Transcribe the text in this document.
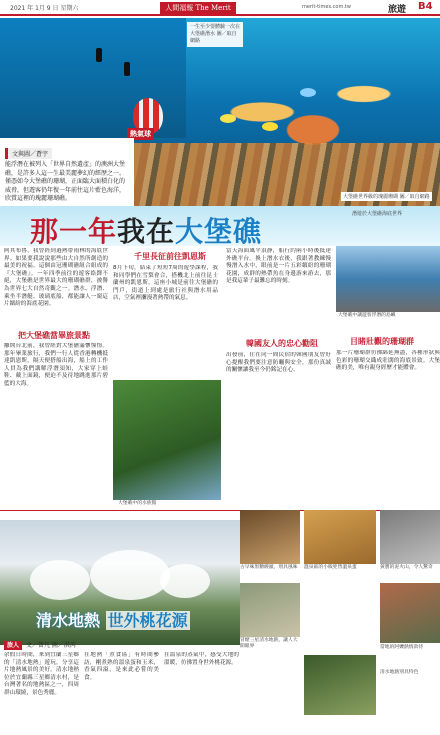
2021 年 1月 9 日 星期六	人間福報 The Merit	merit-times.com.tw	旅遊 B4
一生至少要體驗一次在大堡礁潛水 圖／取自網路
熱氣球
文與圖／蒼宇

能浮潛在被列入「世界自然遺產」的澳洲大堡礁，是許多人這一生最美麗夢幻的經歷之一。僅憑如今大堡礁的珊瑚，正面臨大面積白化的威脅，但遊客仍年復一年前往這片藍色海洋，欣賞這裡的瑰麗珊瑚礁。	大堡礁世界級的瑰麗珊瑚 圖／取自網路
那一年我在大堡礁
潛遊於大堡礁海底世界
阿其布魯，我曾經到過熱帶雨林的海底世界。如果要我說說那些由大自然所創造的最美的祝福，這個由冠珊瑚礁組合組成的『大堡礁』。一年四季前往的遊客絡繹不絕，大堡礁是世界最大的珊瑚礁群，被譽為世界七大自然奇觀之一。潛水、浮潛、乘坐半潛艇、玻璃底船，都能讓人一窺這片繽紛的海底花園。
把大堡礁當畢旅景點
離開台北前，我曾經對大堡礁滿懷憧憬。那年畢業旅行，我們一行人從香港轉機抵達凱恩斯，隔天便搭船出海，船上的工作人員為我們講解浮潛須知，大家穿上蛙鞋、戴上面鏡，便迫不及待地跳進那片碧藍的大海。
千里長征前往凱恩斯
8月下旬，結束了短短7周的遊學課程，我和同學們在雪梨會合，搭機北上前往昆士蘭州的凱恩斯。這座小城是前往大堡礁的門戶，街道上到處是旅行社與潛水用品店，空氣裡瀰漫著熱帶的氣息。
大堡礁中的水族館
當天海面風平浪靜，船行約兩小時後抵達外礁平台。換上潛水衣後，我跟著教練慢慢潛入水中，眼前是一片五彩繽紛的珊瑚花園，成群的熱帶魚在身邊游來游去，那是我這輩子最難忘的時刻。
韓國友人的忠心勸阻
出發前，住在同一間民宿的韓國朋友曾好心提醒我們要注意防曬與安全，那份真誠的關懷讓我至今仍銘記在心。
大堡礁中讓遊客浮潛的島嶼
目睹壯觀的珊瑚群
那一片珊瑚群彷彿綿延無盡，各種形狀與色彩的珊瑚交織成壯闊的海底景致。大堡礁的美，唯有親身經歷才能體會。
清水地熱 世外桃花源
旅人 文／曾凡 圖／洪芮
余假日時間，來到宜蘭三星鄉的「清水地熱」遊玩，分享這片地熱風景的美好。清水地熱位於宜蘭縣三星鄉清水村，是台灣著名的地熱區之一，四周群山環繞，景色秀麗。
在地熱「煮食區」有時間參訪，剛煮熟的溫泉蛋和玉米，香氣四溢，是來此必嘗的美食。
在溫泉的蒸氣中，感受大地的溫暖，彷彿置身世外桃花源。
古早味黑糖饅頭，別具風味	溫泉區的小販兜售溫泉蛋	黃寶的泥火山，令人驚奇
冒煙三星清水地熱，讓人大開眼界	當地的阿嬤熱情款待
清水地熱別具特色
